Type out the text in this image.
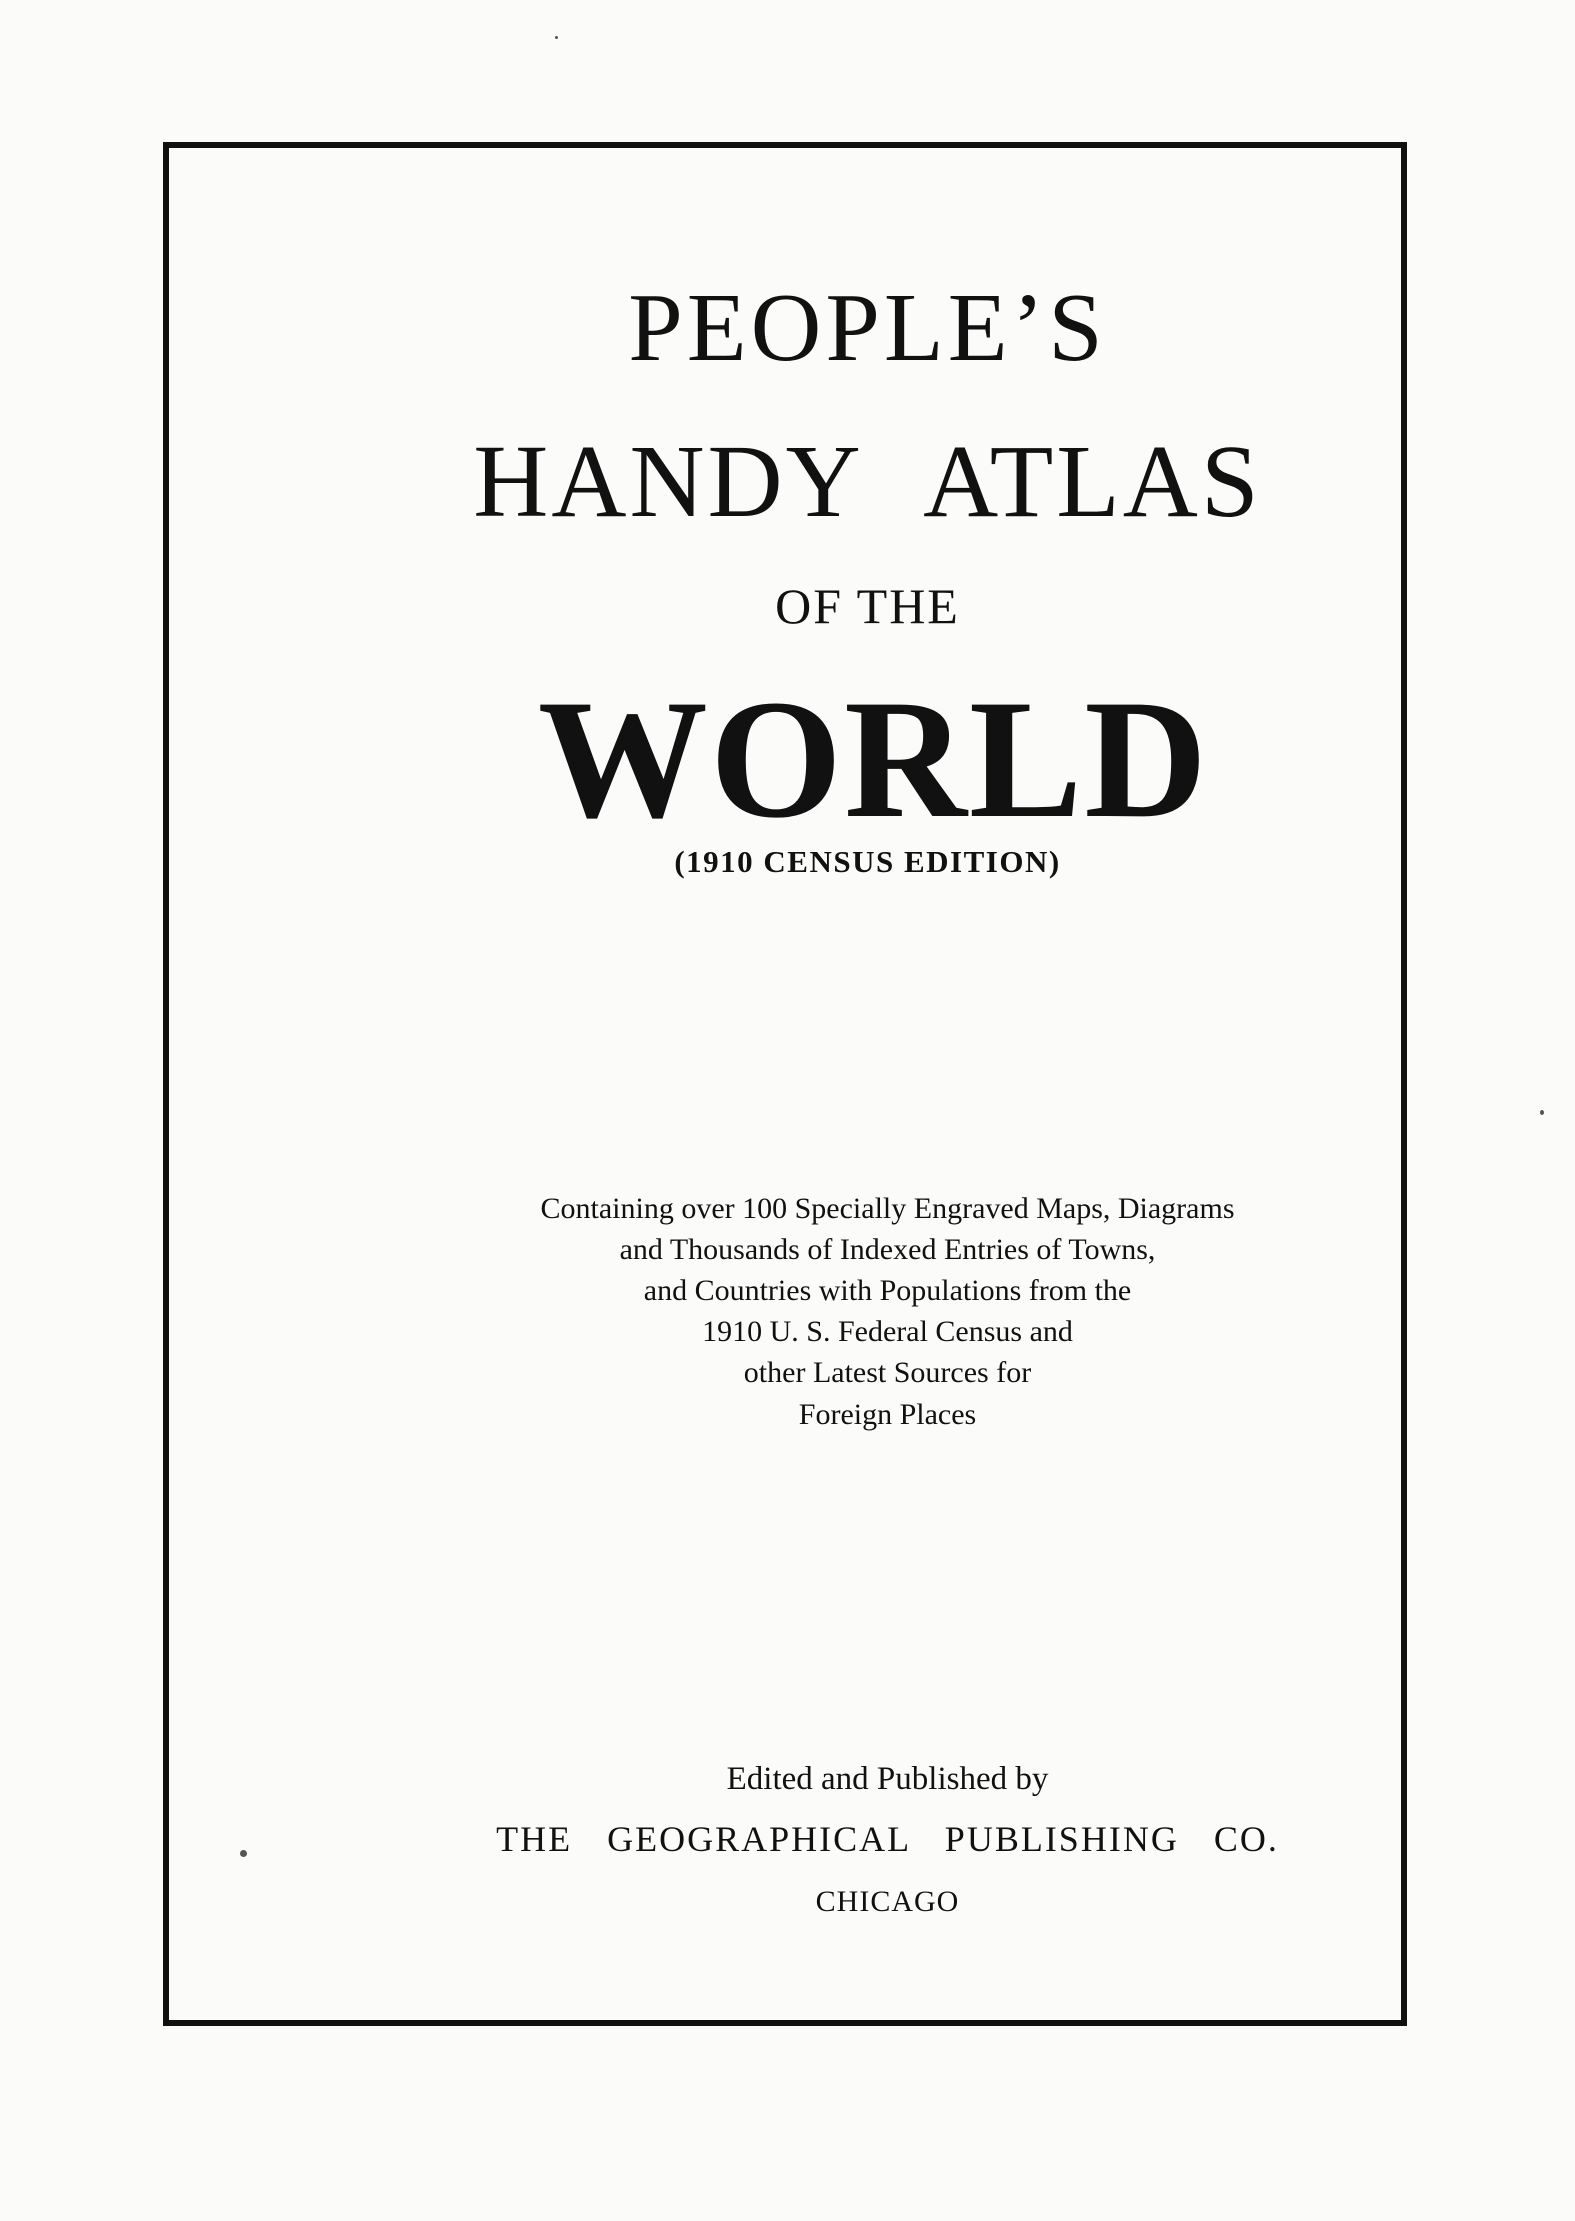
PEOPLE’S
HANDY ATLAS
OF THE
WORLD
(1910 CENSUS EDITION)
Containing over 100 Specially Engraved Maps, Diagrams
and Thousands of Indexed Entries of Towns,
and Countries with Populations from the
1910 U. S. Federal Census and
other Latest Sources for
Foreign Places
Edited and Published by
THE GEOGRAPHICAL PUBLISHING CO.
CHICAGO
